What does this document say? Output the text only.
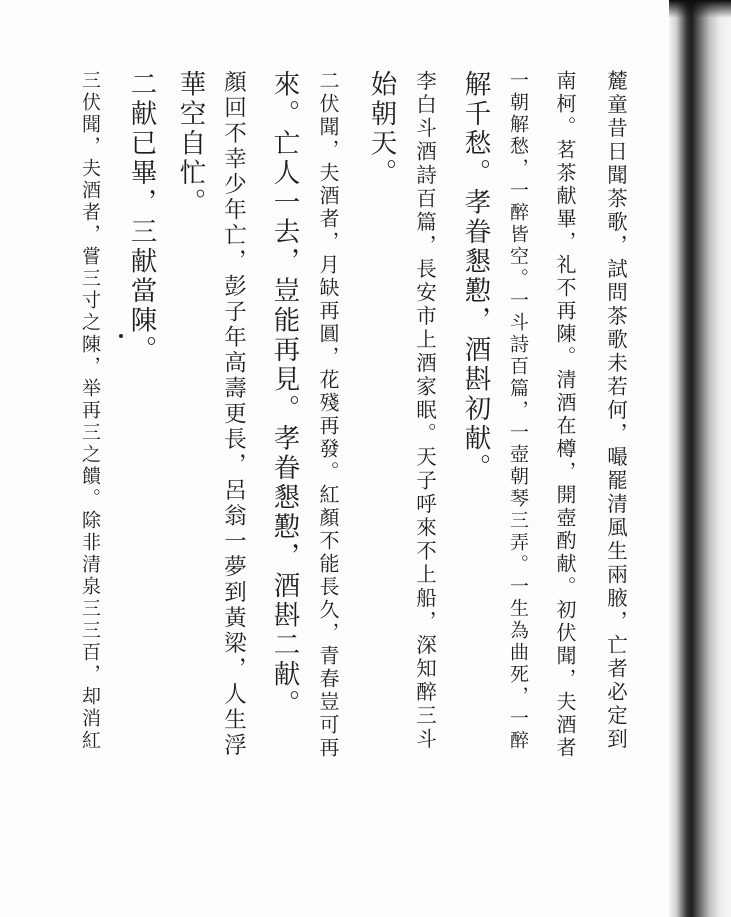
麓童昔日聞茶歌，試問茶歌未若何，嘬罷清風生兩腋，亡者必定到
南柯。茗茶献畢，礼不再陳。清酒在樽，開壺酌献。初伏聞，夫酒者
一朝解愁，一醉皆空。一斗詩百篇，一壺朝琴三弄。一生為曲死，一醉
解千愁。孝眷懇懃，酒斟初献。
李白斗酒詩百篇，長安市上酒家眠。天子呼來不上船，深知醉三斗
始朝天。
二伏聞，夫酒者，月缺再圓，花殘再發。紅顏不能長久，青春豈可再
來。亡人一去，豈能再見。孝眷懇懃，酒斟二献。
顏回不幸少年亡，彭子年高壽更長，呂翁一夢到黃梁，人生浮
華空自忙。
二献已畢，三献當陳。
三伏聞，夫酒者，嘗三寸之陳，举再三之饋。除非清泉三三百，却消紅
